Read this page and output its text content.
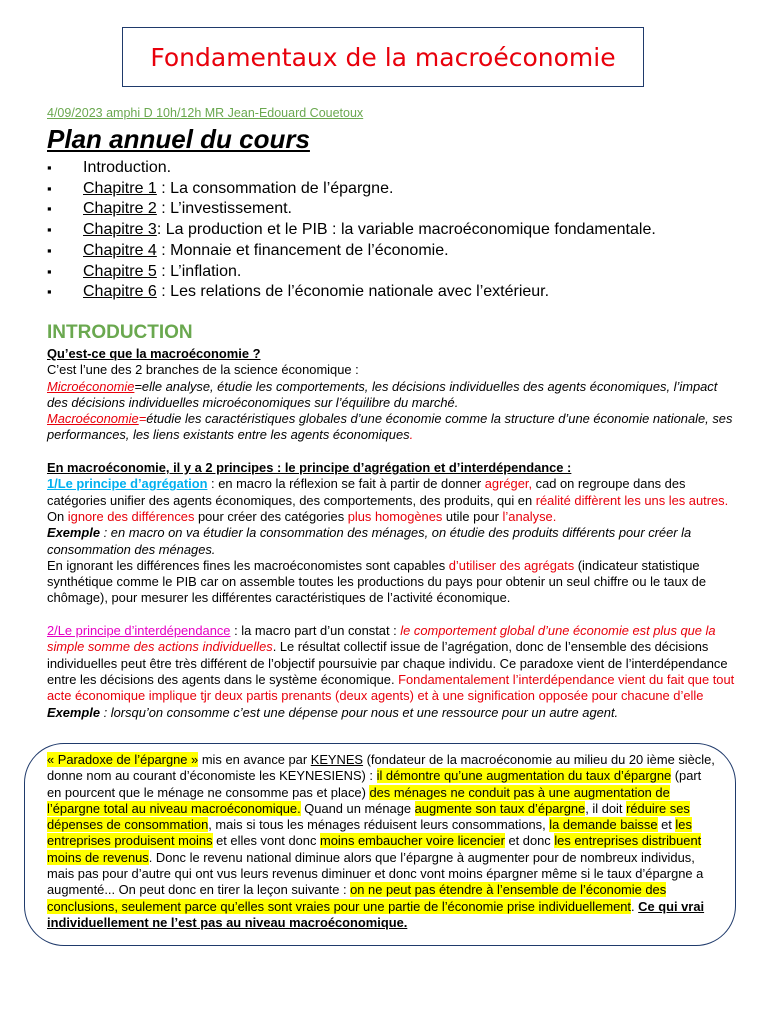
Fondamentaux de la macroéconomie
4/09/2023 amphi D 10h/12h MR Jean-Edouard Couetoux
Plan annuel du cours
▪ Introduction.
▪ Chapitre 1 : La consommation de l’épargne.
▪ Chapitre 2 : L’investissement.
▪ Chapitre 3: La production et le PIB : la variable macroéconomique fondamentale.
▪ Chapitre 4 : Monnaie et financement de l’économie.
▪ Chapitre 5 : L’inflation.
▪ Chapitre 6 : Les relations de l’économie nationale avec l’extérieur.
INTRODUCTION

Qu’est-ce que la macroéconomie ?

C’est l’une des 2 branches de la science économique :

Microéconomie=elle analyse, étudie les comportements, les décisions individuelles des agents économiques, l’impact des décisions individuelles microéconomiques sur l’équilibre du marché.

Macroéconomie=étudie les caractéristiques globales d’une économie comme la structure d’une économie nationale, ses performances, les liens existants entre les agents économiques.

En macroéconomie, il y a 2 principes : le principe d’agrégation et d’interdépendance :

1/Le principe d’agrégation : en macro la réflexion se fait à partir de donner agréger, cad on regroupe dans des catégories unifier des agents économiques, des comportements, des produits, qui en réalité diffèrent les uns les autres. On ignore des différences pour créer des catégories plus homogènes utile pour l’analyse.

Exemple : en macro on va étudier la consommation des ménages, on étudie des produits différents pour créer la consommation des ménages.

En ignorant les différences fines les macroéconomistes sont capables d’utiliser des agrégats (indicateur statistique synthétique comme le PIB car on assemble toutes les productions du pays pour obtenir un seul chiffre ou le taux de chômage), pour mesurer les différentes caractéristiques de l’activité économique.

2/Le principe d’interdépendance : la macro part d’un constat : le comportement global d’une économie est plus que la simple somme des actions individuelles. Le résultat collectif issue de l’agrégation, donc de l’ensemble des décisions individuelles peut être très différent de l’objectif poursuivie par chaque individu. Ce paradoxe vient de l’interdépendance entre les décisions des agents dans le système économique. Fondamentalement l’interdépendance vient du fait que tout acte économique implique tjr deux partis prenants (deux agents) et à une signification opposée pour chacune d’elle

Exemple : lorsqu’on consomme c’est une dépense pour nous et une ressource pour un autre agent.

« Paradoxe de l’épargne » mis en avance par KEYNES (fondateur de la macroéconomie au milieu du 20 ième siècle, donne nom au courant d’économiste les KEYNESIENS) : il démontre qu’une augmentation du taux d’épargne (part en pourcent que le ménage ne consomme pas et place) des ménages ne conduit pas à une augmentation de l’épargne total au niveau macroéconomique. Quand un ménage augmente son taux d’épargne, il doit réduire ses dépenses de consommation, mais si tous les ménages réduisent leurs consommations, la demande baisse et les entreprises produisent moins et elles vont donc moins embaucher voire licencier et donc les entreprises distribuent moins de revenus. Donc le revenu national diminue alors que l’épargne à augmenter pour de nombreux individus, mais pas pour d’autre qui ont vus leurs revenus diminuer et donc vont moins épargner même si le taux d’épargne a augmenté... On peut donc en tirer la leçon suivante : on ne peut pas étendre à l’ensemble de l’économie des conclusions, seulement parce qu’elles sont vraies pour une partie de l’économie prise individuellement. Ce qui vrai individuellement ne l’est pas au niveau macroéconomique.
